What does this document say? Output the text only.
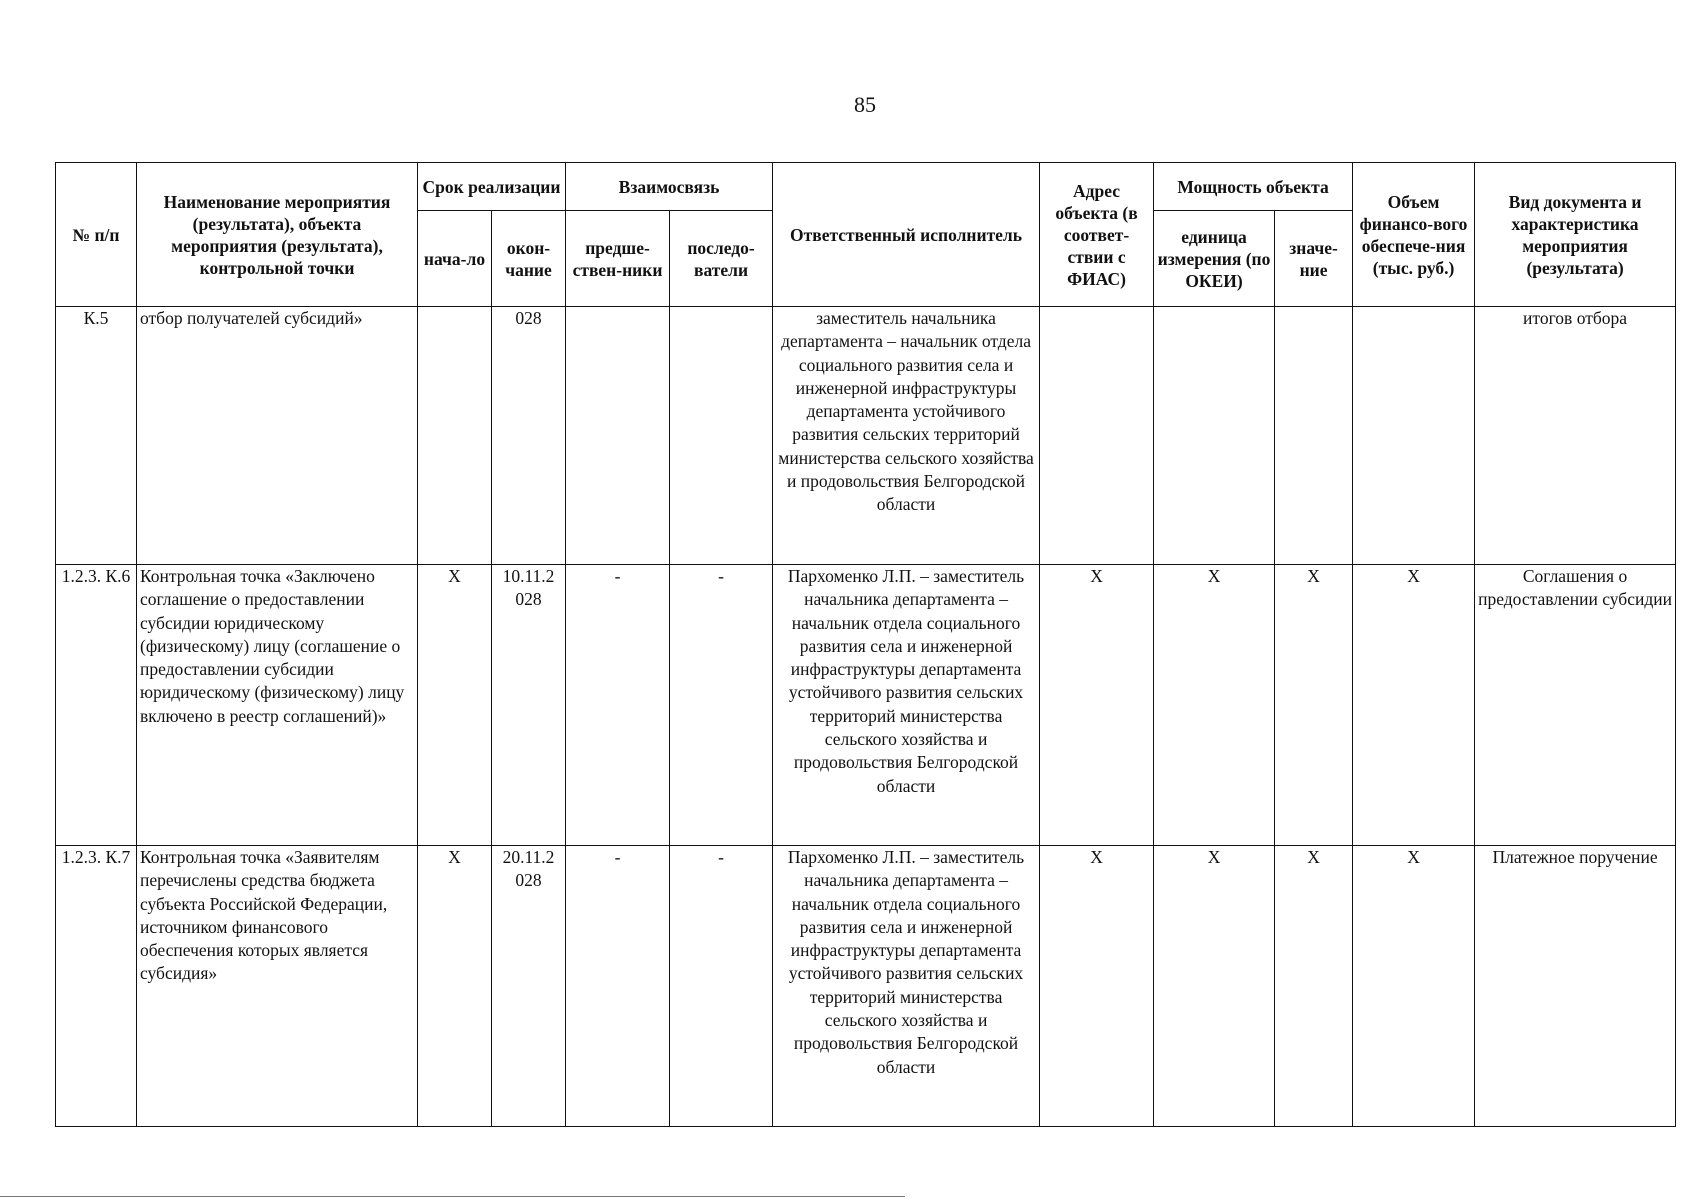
85
№ п/п	Наименование мероприятия (результата), объекта мероприятия (результата), контрольной точки	Срок реализации		Взаимосвязь		Ответственный исполнитель	Адрес объекта (в соответ-ствии с ФИАС)	Мощность объекта		Объем финансо-вого обеспече-ния (тыс. руб.)	Вид документа и характеристика мероприятия (результата)
		нача-ло	окон-чание	предше-ствен-ники	последо-ватели			единица измерения (по ОКЕИ)	значе-ние		
К.5	отбор получателей субсидий»		028			заместитель начальника департамента – начальник отдела социального развития села и инженерной инфраструктуры департамента устойчивого развития сельских территорий министерства сельского хозяйства и продовольствия Белгородской области					итогов отбора
1.2.3. К.6	Контрольная точка «Заключено соглашение о предоставлении субсидии юридическому (физическому) лицу (соглашение о предоставлении субсидии юридическому (физическому) лицу включено в реестр соглашений)»	X	10.11.2 028	-	-	Пархоменко Л.П. – заместитель начальника департамента – начальник отдела социального развития села и инженерной инфраструктуры департамента устойчивого развития сельских территорий министерства сельского хозяйства и продовольствия Белгородской области	X	X	X	X	Соглашения о предоставлении субсидии
1.2.3. К.7	Контрольная точка «Заявителям перечислены средства бюджета субъекта Российской Федерации, источником финансового обеспечения которых является субсидия»	X	20.11.2 028	-	-	Пархоменко Л.П. – заместитель начальника департамента – начальник отдела социального развития села и инженерной инфраструктуры департамента устойчивого развития сельских территорий министерства сельского хозяйства и продовольствия Белгородской области	X	X	X	X	Платежное поручение
